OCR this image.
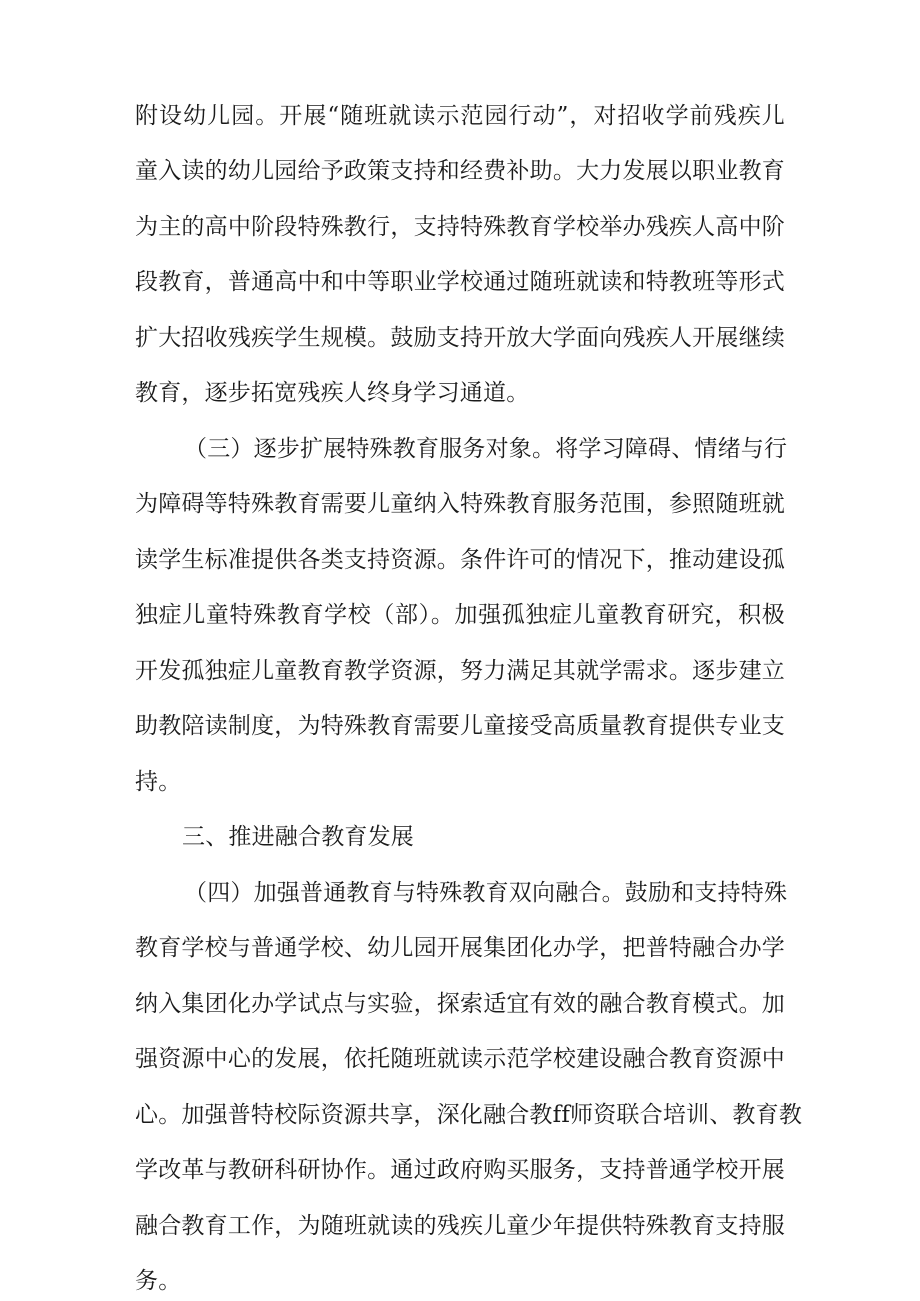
附设幼儿园。开展“随班就读示范园行动”，对招收学前残疾儿
童入读的幼儿园给予政策支持和经费补助。大力发展以职业教育
为主的高中阶段特殊教行，支持特殊教育学校举办残疾人高中阶
段教育，普通高中和中等职业学校通过随班就读和特教班等形式
扩大招收残疾学生规模。鼓励支持开放大学面向残疾人开展继续
教育，逐步拓宽残疾人终身学习通道。
（三）逐步扩展特殊教育服务对象。将学习障碍、情绪与行
为障碍等特殊教育需要儿童纳入特殊教育服务范围，参照随班就
读学生标准提供各类支持资源。条件许可的情况下，推动建设孤
独症儿童特殊教育学校（部）。加强孤独症儿童教育研究，积极
开发孤独症儿童教育教学资源，努力满足其就学需求。逐步建立
助教陪读制度，为特殊教育需要儿童接受高质量教育提供专业支
持。
三、推进融合教育发展
（四）加强普通教育与特殊教育双向融合。鼓励和支持特殊
教育学校与普通学校、幼儿园开展集团化办学，把普特融合办学
纳入集团化办学试点与实验，探索适宜有效的融合教育模式。加
强资源中心的发展，依托随班就读示范学校建设融合教育资源中
心。加强普特校际资源共享，深化融合教ff师资联合培训、教育教
学改革与教研科研协作。通过政府购买服务，支持普通学校开展
融合教育工作，为随班就读的残疾儿童少年提供特殊教育支持服
务。
